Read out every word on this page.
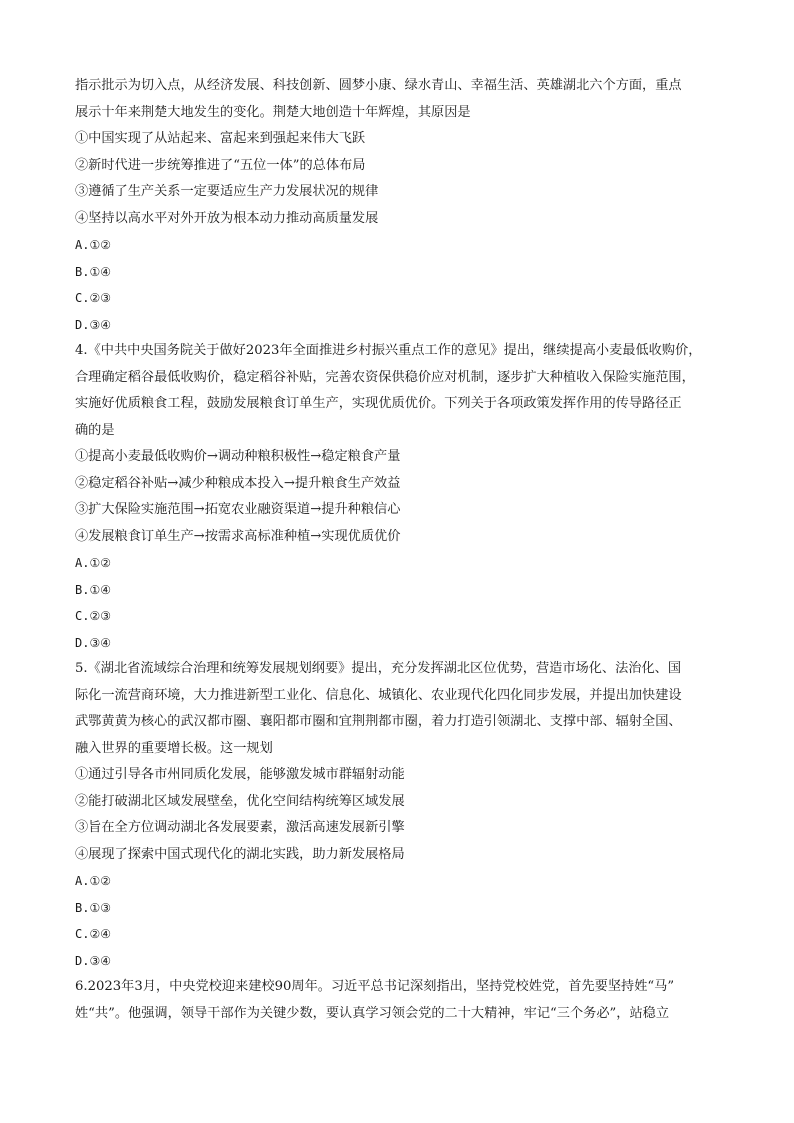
指示批示为切入点，从经济发展、科技创新、圆梦小康、绿水青山、幸福生活、英雄湖北六个方面，重点
展示十年来荆楚大地发生的变化。荆楚大地创造十年辉煌，其原因是

①中国实现了从站起来、富起来到强起来伟大飞跃
②新时代进一步统筹推进了“五位一体”的总体布局
③遵循了生产关系一定要适应生产力发展状况的规律
④坚持以高水平对外开放为根本动力推动高质量发展
A.①②
B.①④
C.②③
D.③④

4.《中共中央国务院关于做好2023年全面推进乡村振兴重点工作的意见》提出，继续提高小麦最低收购价，
合理确定稻谷最低收购价，稳定稻谷补贴，完善农资保供稳价应对机制，逐步扩大种植收入保险实施范围，
实施好优质粮食工程，鼓励发展粮食订单生产，实现优质优价。下列关于各项政策发挥作用的传导路径正
确的是

①提高小麦最低收购价→调动种粮积极性→稳定粮食产量
②稳定稻谷补贴→减少种粮成本投入→提升粮食生产效益
③扩大保险实施范围→拓宽农业融资渠道→提升种粮信心
④发展粮食订单生产→按需求高标准种植→实现优质优价
A.①②
B.①④
C.②③
D.③④

5.《湖北省流域综合治理和统筹发展规划纲要》提出，充分发挥湖北区位优势，营造市场化、法治化、国
际化一流营商环境，大力推进新型工业化、信息化、城镇化、农业现代化四化同步发展，并提出加快建设
武鄂黄黄为核心的武汉都市圈、襄阳都市圈和宜荆荆都市圈，着力打造引领湖北、支撑中部、辐射全国、
融入世界的重要增长极。这一规划

①通过引导各市州同质化发展，能够激发城市群辐射动能
②能打破湖北区域发展壁垒，优化空间结构统筹区域发展
③旨在全方位调动湖北各发展要素，激活高速发展新引擎
④展现了探索中国式现代化的湖北实践，助力新发展格局
A.①②
B.①③
C.②④
D.③④

6.2023年3月，中央党校迎来建校90周年。习近平总书记深刻指出，坚持党校姓党，首先要坚持姓“马”
姓“共”。他强调，领导干部作为关键少数，要认真学习领会党的二十大精神，牢记“三个务必”，站稳立
